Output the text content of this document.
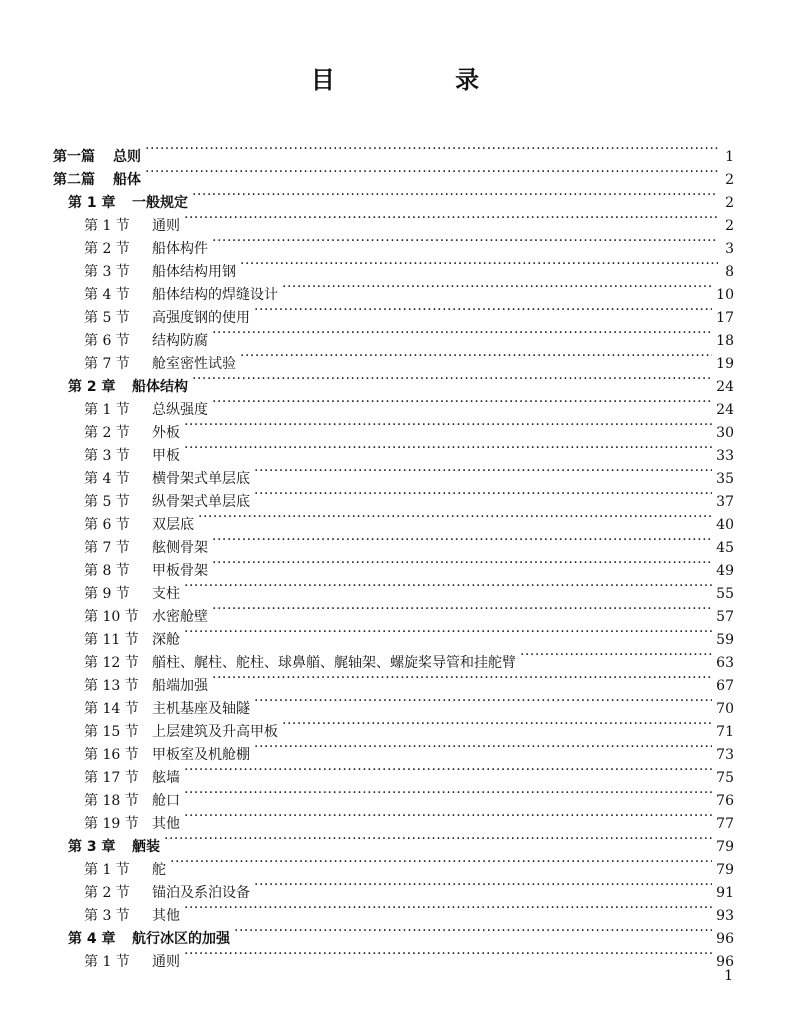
目 录
第一篇	总则 ·····	1
第二篇	船体 ·····	2
第 1 章	一般规定 ·····	2
第 1 节	通则 ·····	2
第 2 节	船体构件 ·····	3
第 3 节	船体结构用钢 ·····	8
第 4 节	船体结构的焊缝设计 ·····	10
第 5 节	高强度钢的使用 ·····	17
第 6 节	结构防腐 ·····	18
第 7 节	舱室密性试验 ·····	19
第 2 章	船体结构 ·····	24
第 1 节	总纵强度 ·····	24
第 2 节	外板 ·····	30
第 3 节	甲板 ·····	33
第 4 节	横骨架式单层底 ·····	35
第 5 节	纵骨架式单层底 ·····	37
第 6 节	双层底 ·····	40
第 7 节	舷侧骨架 ·····	45
第 8 节	甲板骨架 ·····	49
第 9 节	支柱 ·····	55
第 10 节 水密舱壁 ·····	57
第 11 节 深舱 ·····	59
第 12 节 艏柱、艉柱、舵柱、球鼻艏、艉轴架、螺旋桨导管和挂舵臂 ·····	63
第 13 节 船端加强 ·····	67
第 14 节 主机基座及轴隧 ·····	70
第 15 节 上层建筑及升高甲板 ·····	71
第 16 节 甲板室及机舱棚 ·····	73
第 17 节 舷墙 ·····	75
第 18 节 舱口 ·····	76
第 19 节 其他 ·····	77
第 3 章	舾装 ·····	79
第 1 节	舵 ·····	79
第 2 节	锚泊及系泊设备 ·····	91
第 3 节	其他 ·····	93
第 4 章	航行冰区的加强 ·····	96
第 1 节	通则 ·····	96
1
